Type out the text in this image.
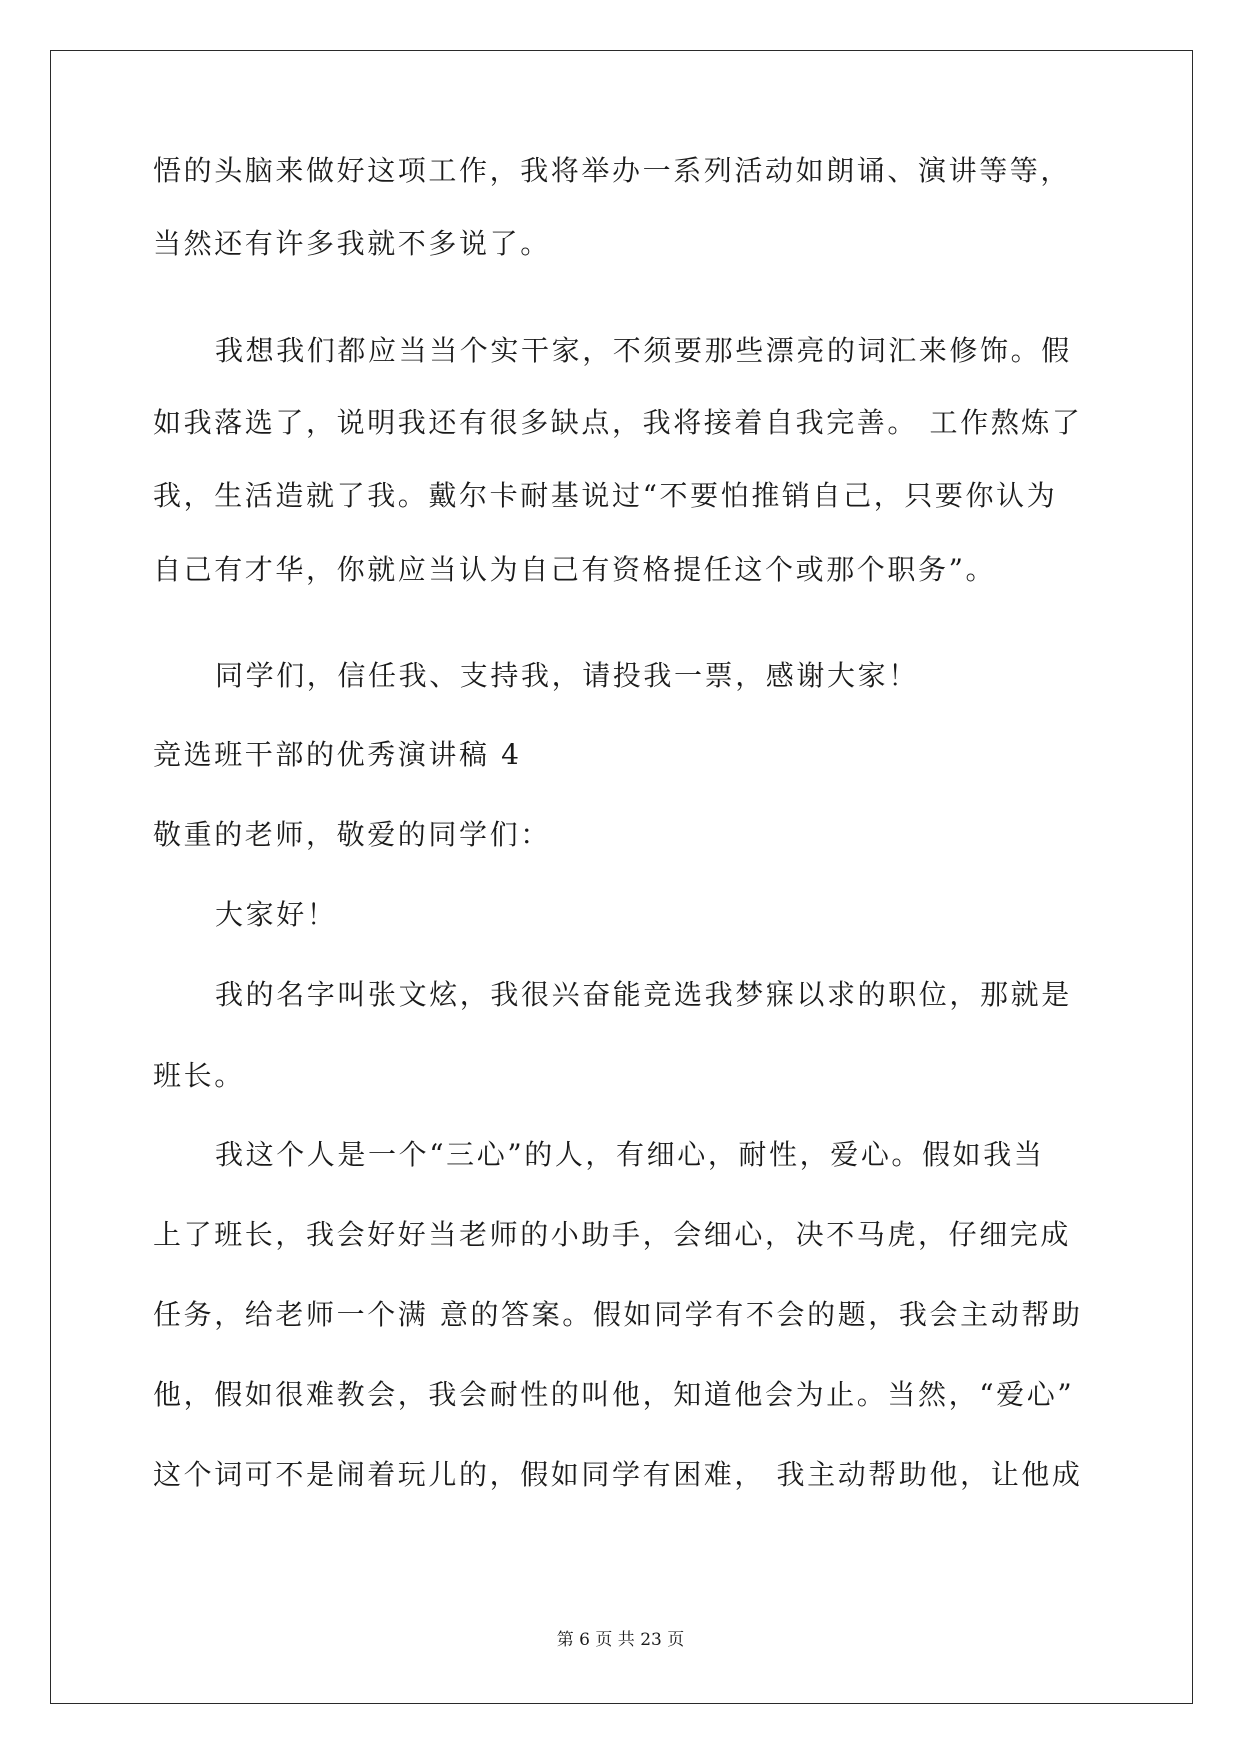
悟的头脑来做好这项工作，我将举办一系列活动如朗诵、演讲等等，
当然还有许多我就不多说了。
我想我们都应当当个实干家，不须要那些漂亮的词汇来修饰。假
如我落选了，说明我还有很多缺点，我将接着自我完善。 工作熬炼了
我，生活造就了我。戴尔卡耐基说过“不要怕推销自己，只要你认为
自己有才华，你就应当认为自己有资格提任这个或那个职务”。
同学们，信任我、支持我，请投我一票，感谢大家！
竞选班干部的优秀演讲稿 4
敬重的老师，敬爱的同学们：
大家好！
我的名字叫张文炫，我很兴奋能竞选我梦寐以求的职位，那就是
班长。
我这个人是一个“三心”的人，有细心，耐性，爱心。假如我当
上了班长，我会好好当老师的小助手，会细心，决不马虎，仔细完成
任务，给老师一个满 意的答案。假如同学有不会的题，我会主动帮助
他，假如很难教会，我会耐性的叫他，知道他会为止。当然，“爱心”
这个词可不是闹着玩儿的，假如同学有困难， 我主动帮助他，让他成
第 6 页 共 23 页
